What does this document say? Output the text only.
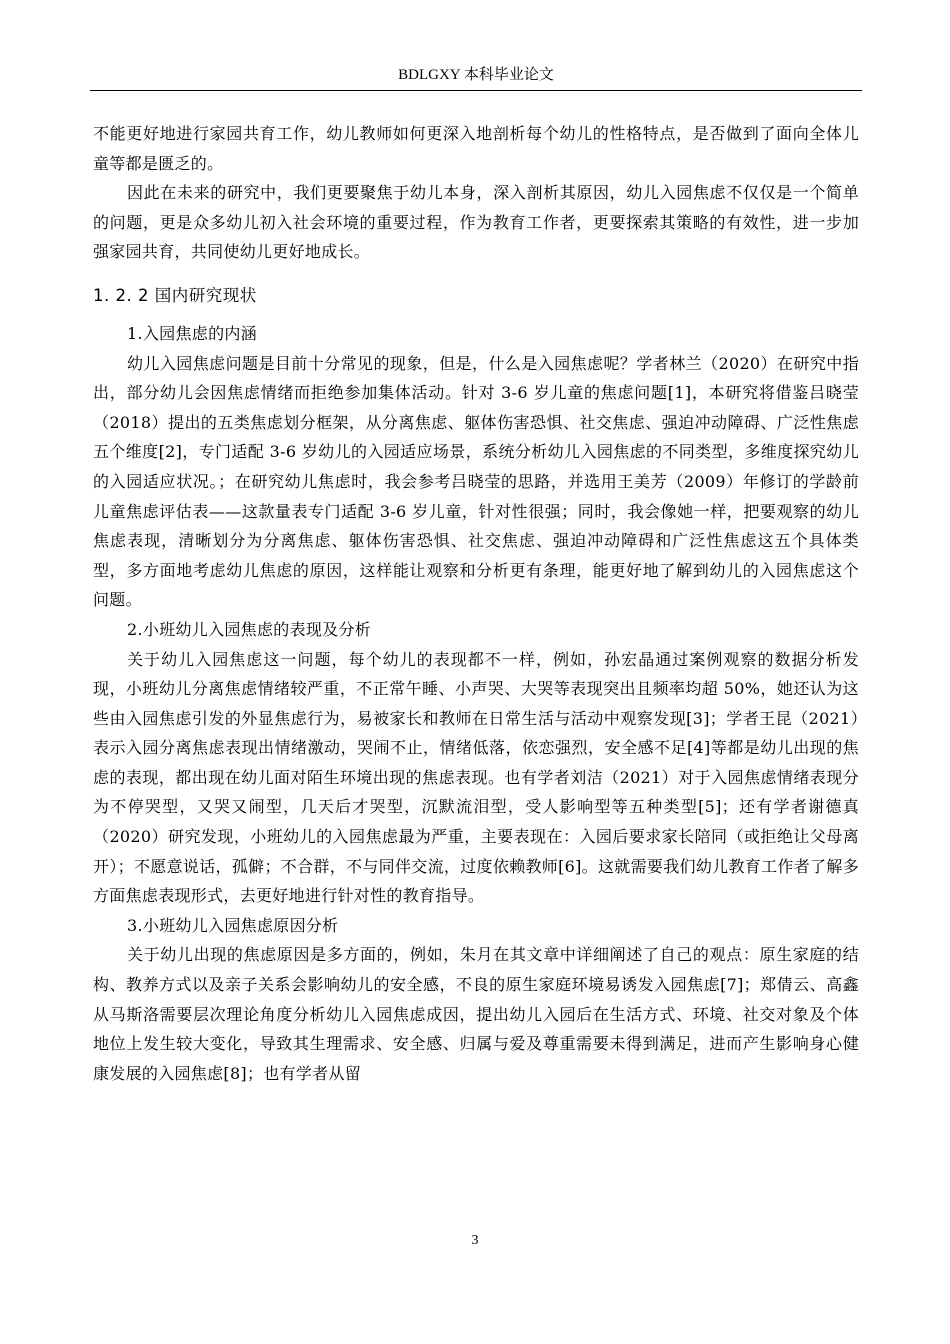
BDLGXY 本科毕业论文

不能更好地进行家园共育工作，幼儿教师如何更深入地剖析每个幼儿的性格特点，是否做到了面向全体儿童等都是匮乏的。

因此在未来的研究中，我们更要聚焦于幼儿本身，深入剖析其原因，幼儿入园焦虑不仅仅是一个简单的问题，更是众多幼儿初入社会环境的重要过程，作为教育工作者，更要探索其策略的有效性，进一步加强家园共育，共同使幼儿更好地成长。

1. 2. 2 国内研究现状

1.入园焦虑的内涵

幼儿入园焦虑问题是目前十分常见的现象，但是，什么是入园焦虑呢？学者林兰（2020）在研究中指出，部分幼儿会因焦虑情绪而拒绝参加集体活动。针对 3-6 岁儿童的焦虑问题[1]，本研究将借鉴吕晓莹（2018）提出的五类焦虑划分框架，从分离焦虑、躯体伤害恐惧、社交焦虑、强迫冲动障碍、广泛性焦虑五个维度[2]，专门适配 3-6 岁幼儿的入园适应场景，系统分析幼儿入园焦虑的不同类型，多维度探究幼儿的入园适应状况。；在研究幼儿焦虑时，我会参考吕晓莹的思路，并选用王美芳（2009）年修订的学龄前儿童焦虑评估表——这款量表专门适配 3-6 岁儿童，针对性很强；同时，我会像她一样，把要观察的幼儿焦虑表现，清晰划分为分离焦虑、躯体伤害恐惧、社交焦虑、强迫冲动障碍和广泛性焦虑这五个具体类型，多方面地考虑幼儿焦虑的原因，这样能让观察和分析更有条理，能更好地了解到幼儿的入园焦虑这个问题。

2.小班幼儿入园焦虑的表现及分析

关于幼儿入园焦虑这一问题，每个幼儿的表现都不一样，例如，孙宏晶通过案例观察的数据分析发现，小班幼儿分离焦虑情绪较严重，不正常午睡、小声哭、大哭等表现突出且频率均超 50%，她还认为这些由入园焦虑引发的外显焦虑行为，易被家长和教师在日常生活与活动中观察发现[3]；学者王昆（2021）表示入园分离焦虑表现出情绪激动，哭闹不止，情绪低落，依恋强烈，安全感不足[4]等都是幼儿出现的焦虑的表现，都出现在幼儿面对陌生环境出现的焦虑表现。也有学者刘洁（2021）对于入园焦虑情绪表现分为不停哭型，又哭又闹型，几天后才哭型，沉默流泪型，受人影响型等五种类型[5]；还有学者谢德真（2020）研究发现，小班幼儿的入园焦虑最为严重，主要表现在：入园后要求家长陪同（或拒绝让父母离开）；不愿意说话，孤僻；不合群，不与同伴交流，过度依赖教师[6]。这就需要我们幼儿教育工作者了解多方面焦虑表现形式，去更好地进行针对性的教育指导。

3.小班幼儿入园焦虑原因分析

关于幼儿出现的焦虑原因是多方面的，例如，朱月在其文章中详细阐述了自己的观点：原生家庭的结构、教养方式以及亲子关系会影响幼儿的安全感，不良的原生家庭环境易诱发入园焦虑[7]；郑倩云、高鑫从马斯洛需要层次理论角度分析幼儿入园焦虑成因，提出幼儿入园后在生活方式、环境、社交对象及个体地位上发生较大变化，导致其生理需求、安全感、归属与爱及尊重需要未得到满足，进而产生影响身心健康发展的入园焦虑[8]；也有学者从留

3
